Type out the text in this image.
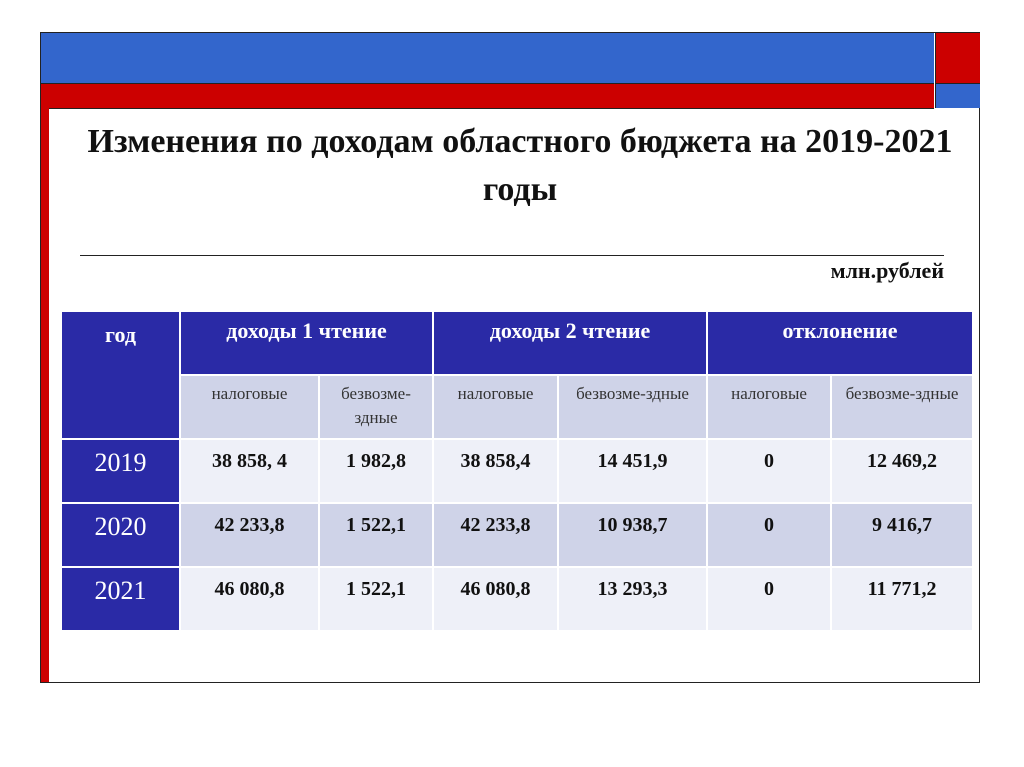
Изменения по доходам областного бюджета на 2019-2021 годы
млн.рублей
год	доходы 1 чтение		доходы 2 чтение		отклонение	
	налоговые	безвозме-здные	налоговые	безвозме-здные	налоговые	безвозме-здные
2019	38 858, 4	1 982,8	38 858,4	14 451,9	0	12 469,2
2020	42 233,8	1 522,1	42 233,8	10 938,7	0	9 416,7
2021	46 080,8	1 522,1	46 080,8	13 293,3	0	11 771,2
